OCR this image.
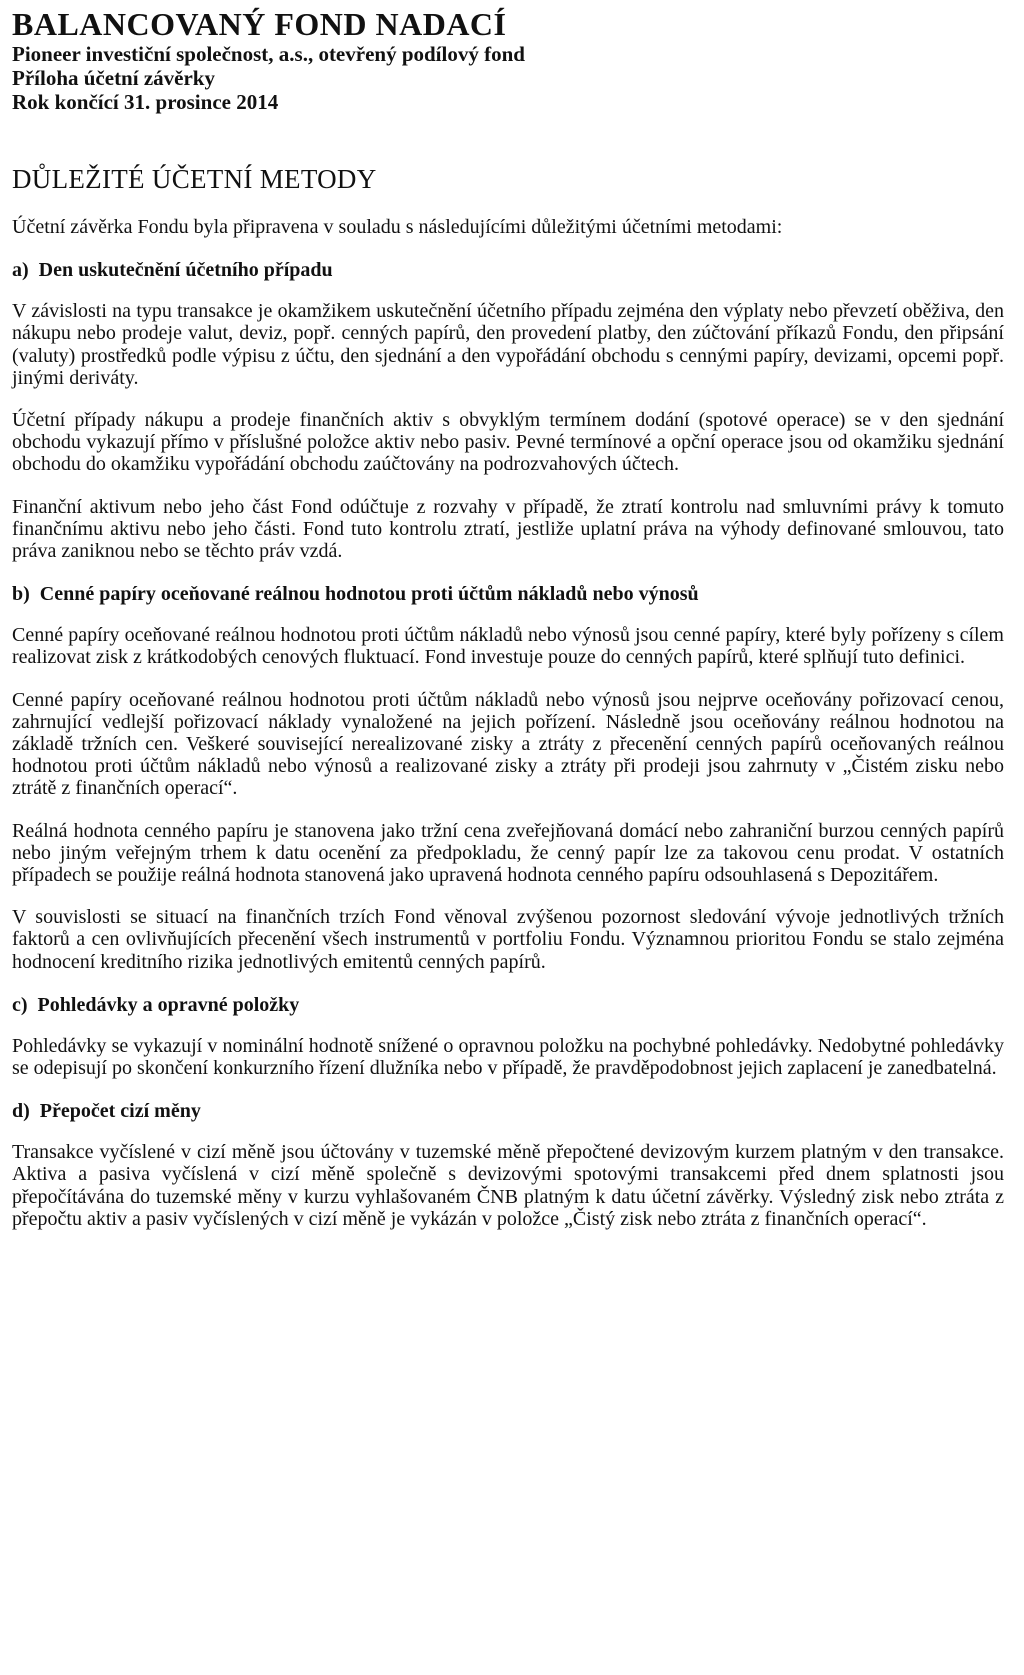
BALANCOVANÝ FOND NADACÍ

Pioneer investiční společnost, a.s., otevřený podílový fond

Příloha účetní závěrky

Rok končící 31. prosince 2014

DŮLEŽITÉ ÚČETNÍ METODY

Účetní závěrka Fondu byla připravena v souladu s následujícími důležitými účetními metodami:

a) Den uskutečnění účetního případu

V závislosti na typu transakce je okamžikem uskutečnění účetního případu zejména den výplaty nebo převzetí oběživa, den nákupu nebo prodeje valut, deviz, popř. cenných papírů, den provedení platby, den zúčtování příkazů Fondu, den připsání (valuty) prostředků podle výpisu z účtu, den sjednání a den vypořádání obchodu s cennými papíry, devizami, opcemi popř. jinými deriváty.

Účetní případy nákupu a prodeje finančních aktiv s obvyklým termínem dodání (spotové operace) se v den sjednání obchodu vykazují přímo v příslušné položce aktiv nebo pasiv. Pevné termínové a opční operace jsou od okamžiku sjednání obchodu do okamžiku vypořádání obchodu zaúčtovány na podrozvahových účtech.

Finanční aktivum nebo jeho část Fond odúčtuje z rozvahy v případě, že ztratí kontrolu nad smluvními právy k tomuto finančnímu aktivu nebo jeho části. Fond tuto kontrolu ztratí, jestliže uplatní práva na výhody definované smlouvou, tato práva zaniknou nebo se těchto práv vzdá.

b) Cenné papíry oceňované reálnou hodnotou proti účtům nákladů nebo výnosů

Cenné papíry oceňované reálnou hodnotou proti účtům nákladů nebo výnosů jsou cenné papíry, které byly pořízeny s cílem realizovat zisk z krátkodobých cenových fluktuací. Fond investuje pouze do cenných papírů, které splňují tuto definici.

Cenné papíry oceňované reálnou hodnotou proti účtům nákladů nebo výnosů jsou nejprve oceňovány pořizovací cenou, zahrnující vedlejší pořizovací náklady vynaložené na jejich pořízení. Následně jsou oceňovány reálnou hodnotou na základě tržních cen. Veškeré související nerealizované zisky a ztráty z přecenění cenných papírů oceňovaných reálnou hodnotou proti účtům nákladů nebo výnosů a realizované zisky a ztráty při prodeji jsou zahrnuty v „Čistém zisku nebo ztrátě z finančních operací“.

Reálná hodnota cenného papíru je stanovena jako tržní cena zveřejňovaná domácí nebo zahraniční burzou cenných papírů nebo jiným veřejným trhem k datu ocenění za předpokladu, že cenný papír lze za takovou cenu prodat. V ostatních případech se použije reálná hodnota stanovená jako upravená hodnota cenného papíru odsouhlasená s Depozitářem.

V souvislosti se situací na finančních trzích Fond věnoval zvýšenou pozornost sledování vývoje jednotlivých tržních faktorů a cen ovlivňujících přecenění všech instrumentů v portfoliu Fondu. Významnou prioritou Fondu se stalo zejména hodnocení kreditního rizika jednotlivých emitentů cenných papírů.

c) Pohledávky a opravné položky

Pohledávky se vykazují v nominální hodnotě snížené o opravnou položku na pochybné pohledávky. Nedobytné pohledávky se odepisují po skončení konkurzního řízení dlužníka nebo v případě, že pravděpodobnost jejich zaplacení je zanedbatelná.

d) Přepočet cizí měny

Transakce vyčíslené v cizí měně jsou účtovány v tuzemské měně přepočtené devizovým kurzem platným v den transakce. Aktiva a pasiva vyčíslená v cizí měně společně s devizovými spotovými transakcemi před dnem splatnosti jsou přepočítávána do tuzemské měny v kurzu vyhlašovaném ČNB platným k datu účetní závěrky. Výsledný zisk nebo ztráta z přepočtu aktiv a pasiv vyčíslených v cizí měně je vykázán v položce „Čistý zisk nebo ztráta z finančních operací“.
